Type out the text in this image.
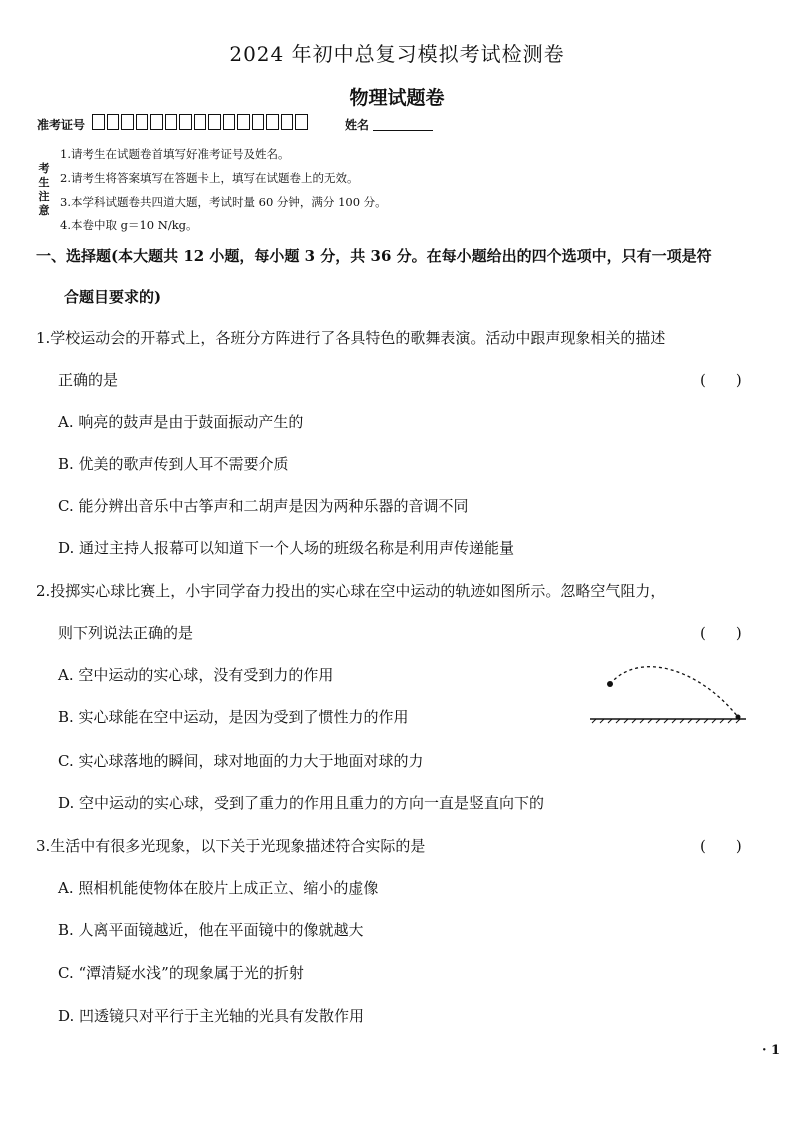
2024 年初中总复习模拟考试检测卷
物理试题卷
准考证号	姓名
考生注意
1.请考生在试题卷首填写好准考证号及姓名。
2.请考生将答案填写在答题卡上，填写在试题卷上的无效。
3.本学科试题卷共四道大题，考试时量 60 分钟，满分 100 分。
4.本卷中取 g＝10 N/kg。
一、选择题(本大题共 12 小题，每小题 3 分，共 36 分。在每小题给出的四个选项中，只有一项是符
合题目要求的)
1.学校运动会的开幕式上，各班分方阵进行了各具特色的歌舞表演。活动中跟声现象相关的描述
正确的是	(　　)
A. 响亮的鼓声是由于鼓面振动产生的
B. 优美的歌声传到人耳不需要介质
C. 能分辨出音乐中古筝声和二胡声是因为两种乐器的音调不同
D. 通过主持人报幕可以知道下一个人场的班级名称是利用声传递能量
2.投掷实心球比赛上，小宇同学奋力投出的实心球在空中运动的轨迹如图所示。忽略空气阻力，
则下列说法正确的是	(　　)
A. 空中运动的实心球，没有受到力的作用
B. 实心球能在空中运动，是因为受到了惯性力的作用
C. 实心球落地的瞬间，球对地面的力大于地面对球的力
D. 空中运动的实心球，受到了重力的作用且重力的方向一直是竖直向下的
3.生活中有很多光现象，以下关于光现象描述符合实际的是	(　　)
A. 照相机能使物体在胶片上成正立、缩小的虚像
B. 人离平面镜越近，他在平面镜中的像就越大
C. “潭清疑水浅”的现象属于光的折射
D. 凹透镜只对平行于主光轴的光具有发散作用
· 1
